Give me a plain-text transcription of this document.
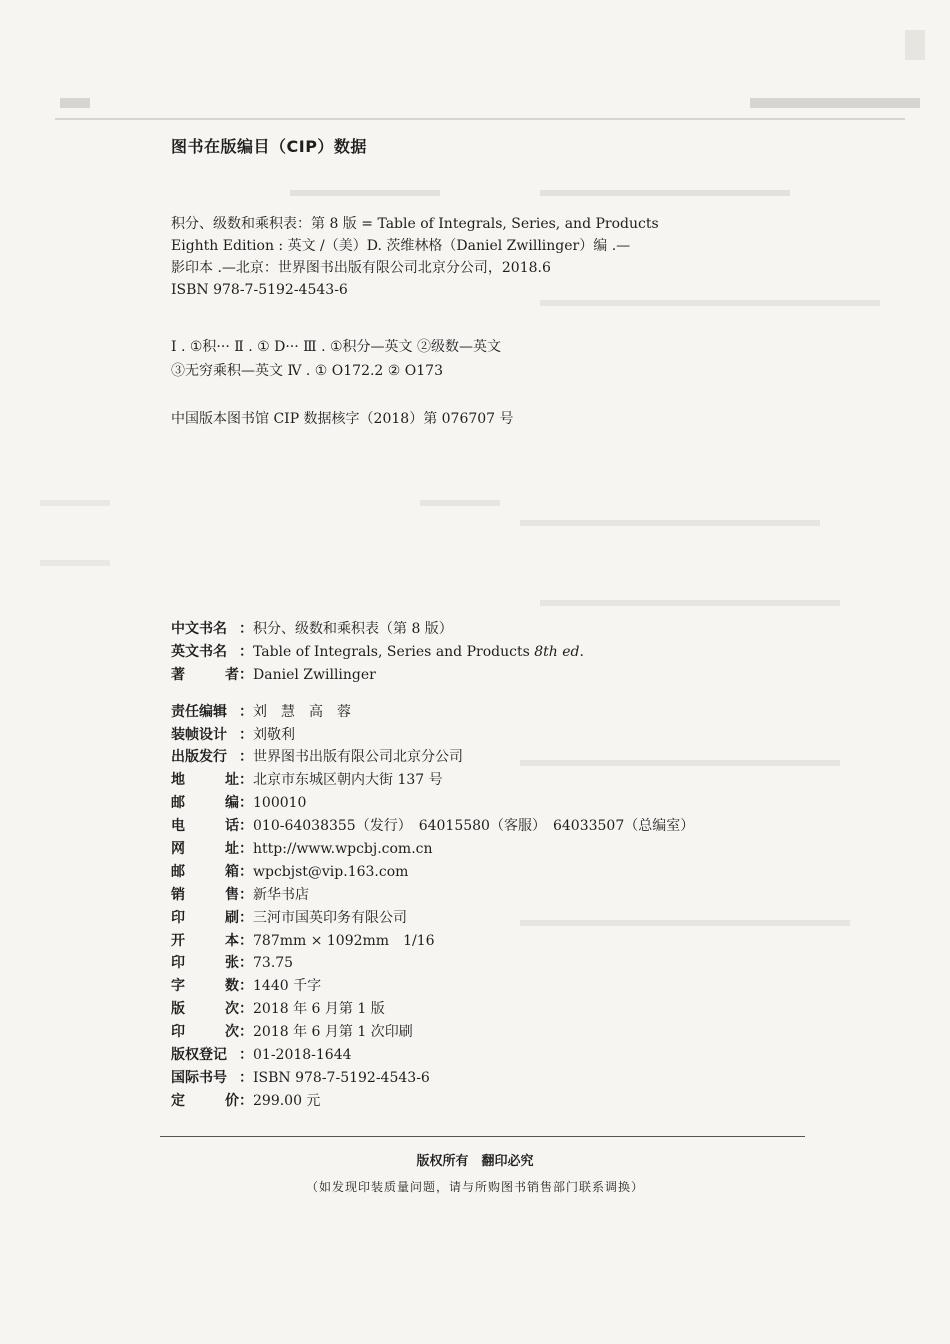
图书在版编目（CIP）数据
积分、级数和乘积表：第 8 版 = Table of Integrals, Series, and Products
Eighth Edition : 英文 /（美）D. 茨维林格（Daniel Zwillinger）编 .—
影印本 .—北京：世界图书出版有限公司北京分公司，2018.6
ISBN 978-7-5192-4543-6
Ⅰ . ①积··· Ⅱ . ① D··· Ⅲ . ①积分—英文 ②级数—英文
③无穷乘积—英文 Ⅳ . ① O172.2 ② O173
中国版本图书馆 CIP 数据核字（2018）第 076707 号
中文书名 ： 积分、级数和乘积表（第 8 版）
英文书名 ： Table of Integrals, Series and Products 8th ed.
著	者 ： Daniel Zwillinger
责任编辑 ： 刘　慧　高　蓉
装帧设计 ： 刘敬利
出版发行 ： 世界图书出版有限公司北京分公司
地	址 ： 北京市东城区朝内大街 137 号
邮	编 ： 100010
电	话 ： 010-64038355（发行）　64015580（客服）　64033507（总编室）
网	址 ： http://www.wpcbj.com.cn
邮	箱 ： wpcbjst@vip.163.com
销	售 ： 新华书店
印	刷 ： 三河市国英印务有限公司
开	本 ： 787mm × 1092mm　1/16
印	张 ： 73.75
字	数 ： 1440 千字
版	次 ： 2018 年 6 月第 1 版
印	次 ： 2018 年 6 月第 1 次印刷
版权登记 ： 01-2018-1644
国际书号 ： ISBN 978-7-5192-4543-6
定	价 ： 299.00 元
版权所有　翻印必究
（如发现印装质量问题，请与所购图书销售部门联系调换）
